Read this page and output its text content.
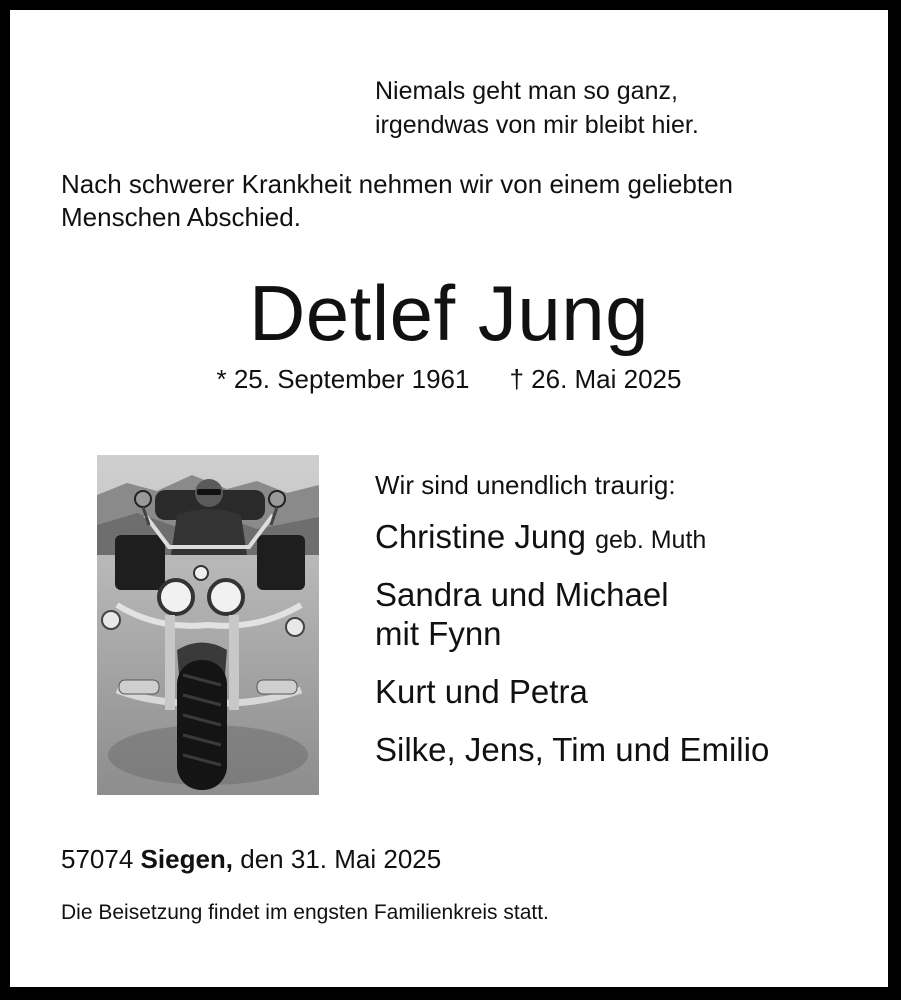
Niemals geht man so ganz,
irgendwas von mir bleibt hier.
Nach schwerer Krankheit nehmen wir von einem geliebten
Menschen Abschied.
Detlef Jung
* 25. September 1961 † 26. Mai 2025
Wir sind unendlich traurig:
Christine Jung geb. Muth
Sandra und Michael
mit Fynn
Kurt und Petra
Silke, Jens, Tim und Emilio
57074 Siegen, den 31. Mai 2025
Die Beisetzung findet im engsten Familienkreis statt.
